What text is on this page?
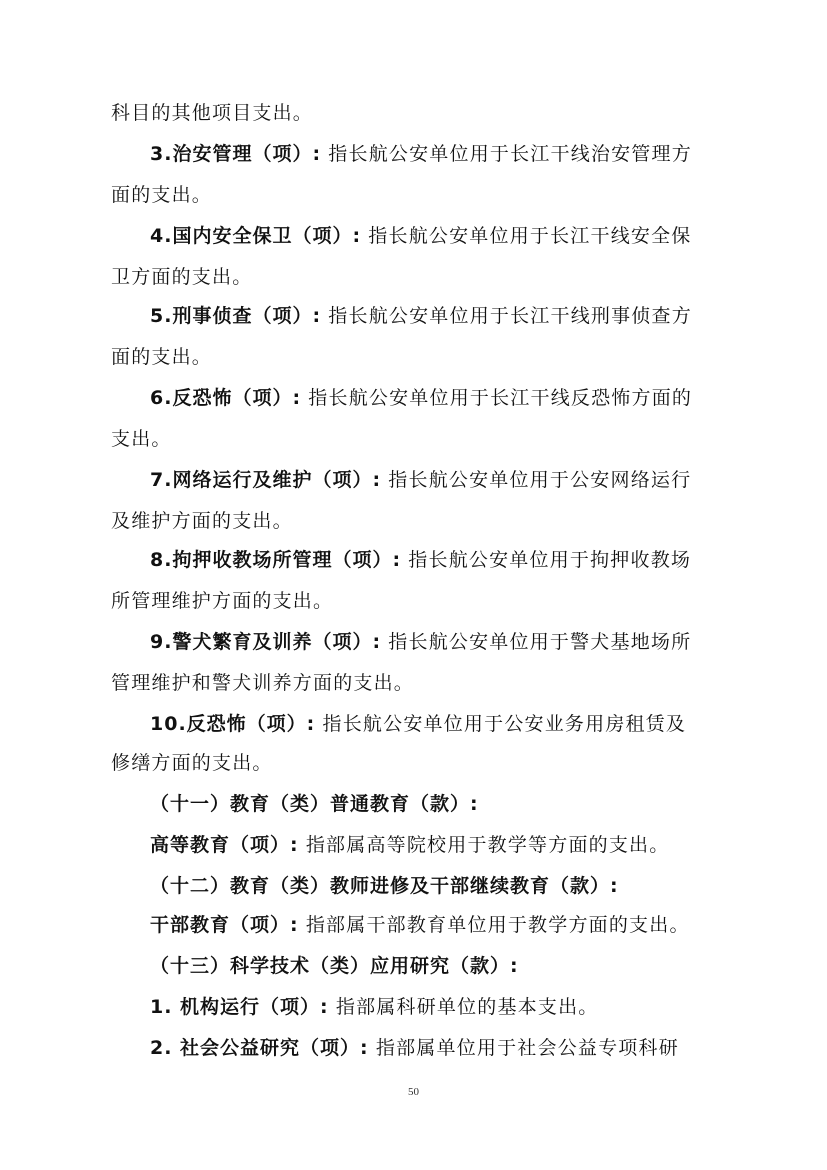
科目的其他项目支出。
3.治安管理（项）: 指长航公安单位用于长江干线治安管理方
面的支出。
4.国内安全保卫（项）: 指长航公安单位用于长江干线安全保
卫方面的支出。
5.刑事侦查（项）: 指长航公安单位用于长江干线刑事侦查方
面的支出。
6.反恐怖（项）: 指长航公安单位用于长江干线反恐怖方面的
支出。
7.网络运行及维护（项）: 指长航公安单位用于公安网络运行
及维护方面的支出。
8.拘押收教场所管理（项）: 指长航公安单位用于拘押收教场
所管理维护方面的支出。
9.警犬繁育及训养（项）: 指长航公安单位用于警犬基地场所
管理维护和警犬训养方面的支出。
10.反恐怖（项）: 指长航公安单位用于公安业务用房租赁及
修缮方面的支出。
（十一）教育（类）普通教育（款）:
高等教育（项）: 指部属高等院校用于教学等方面的支出。
（十二）教育（类）教师进修及干部继续教育（款）:
干部教育（项）: 指部属干部教育单位用于教学方面的支出。
（十三）科学技术（类）应用研究（款）:
1. 机构运行（项）: 指部属科研单位的基本支出。
2. 社会公益研究（项）: 指部属单位用于社会公益专项科研
50
